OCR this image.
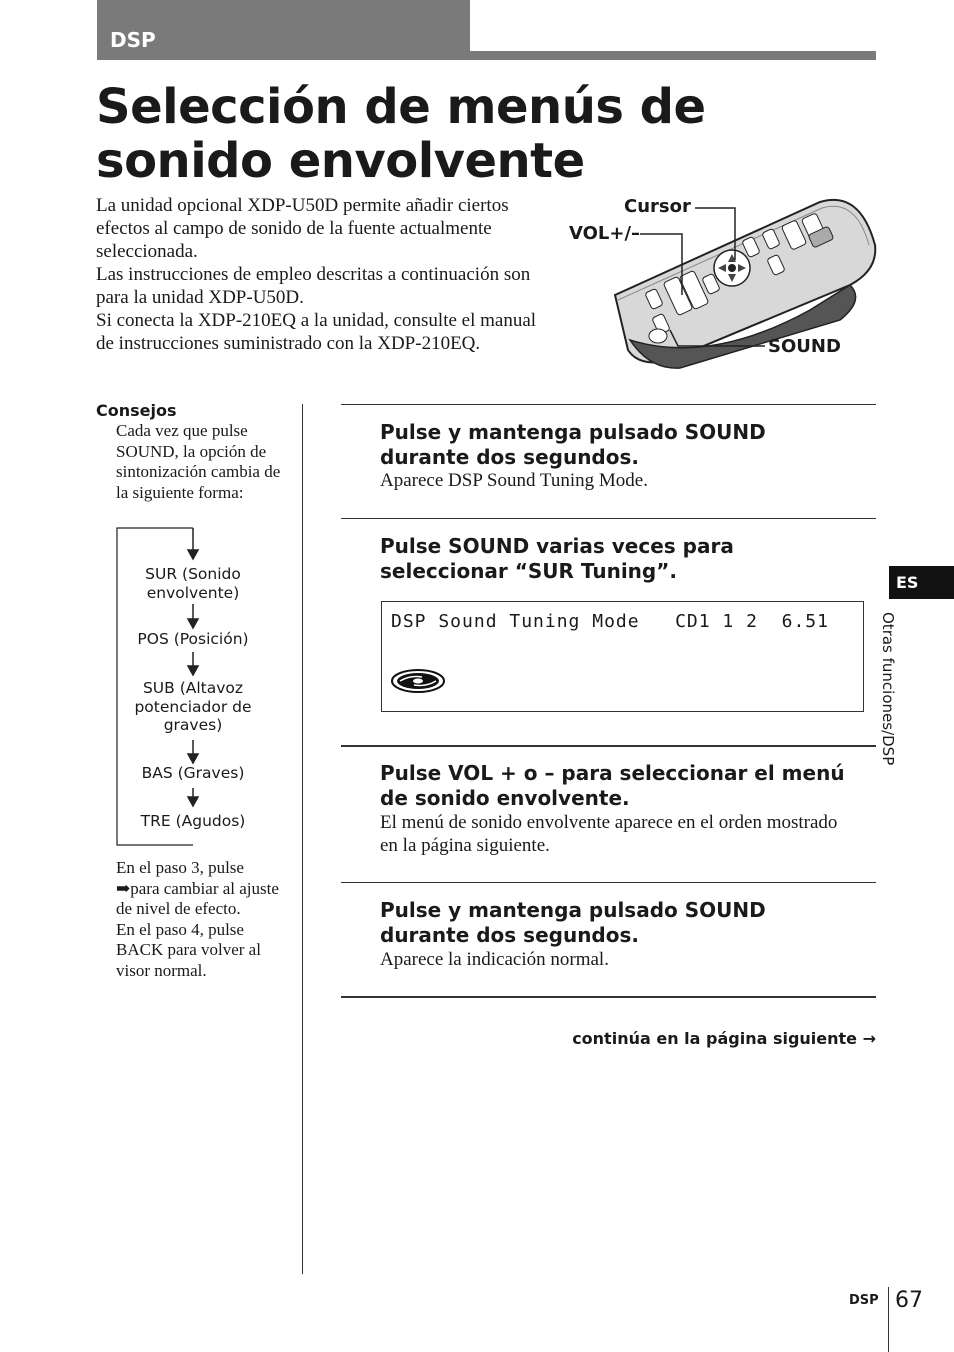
DSP
Selección de menús de sonido envolvente

La unidad opcional XDP-U50D permite añadir ciertos efectos al campo de sonido de la fuente actualmente seleccionada.

Las instrucciones de empleo descritas a continuación son para la unidad XDP-U50D.

Si conecta la XDP-210EQ a la unidad, consulte el manual de instrucciones suministrado con la XDP-210EQ.

Cursor
VOL+/–
SOUND
Consejos
Cada vez que pulse SOUND, la opción de sintonización cambia de la siguiente forma:
SUR (Sonido envolvente)
POS (Posición)
SUB (Altavoz potenciador de graves)
BAS (Graves)
TRE (Agudos)

En el paso 3, pulse ➡para cambiar al ajuste de nivel de efecto.

En el paso 4, pulse BACK para volver al visor normal.

Pulse y mantenga pulsado SOUND durante dos segundos.
Aparece DSP Sound Tuning Mode.
Pulse SOUND varias veces para seleccionar “SUR Tuning”.
DSP Sound Tuning Mode   CD1 1 2  6.51
Pulse VOL + o – para seleccionar el menú de sonido envolvente.
El menú de sonido envolvente aparece en el orden mostrado en la página siguiente.
Pulse y mantenga pulsado SOUND durante dos segundos.
Aparece la indicación normal.
continúa en la página siguiente →
ES
Otras funciones/DSP
DSP 67
